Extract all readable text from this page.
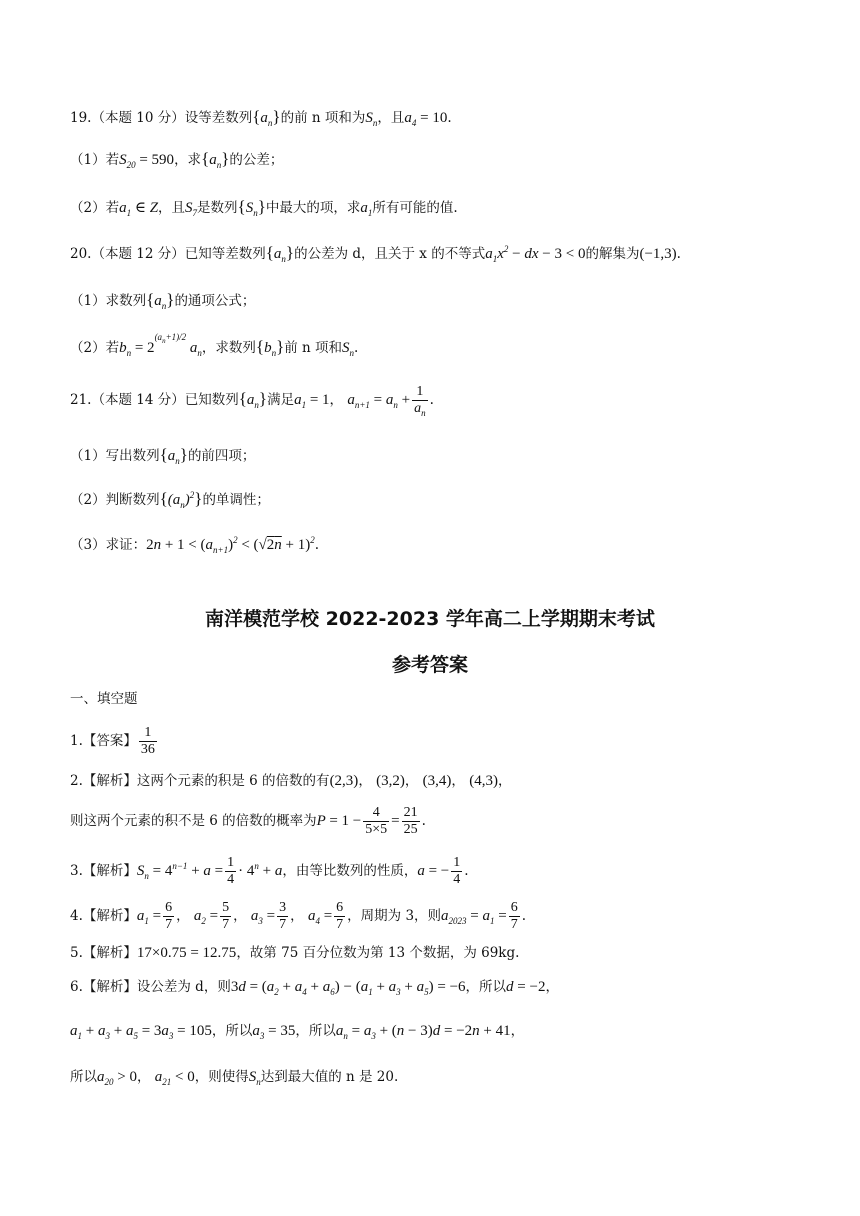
19.（本题 10 分）设等差数列$\{a_n\}$的前 n 项和为$S_n$，且$a_4 = 10$.
（1）若$S_{20} = 590$，求$\{a_n\}$的公差；
（2）若$a_1$ ∈ Z，且$S_7$是数列$\{S_n\}$中最大的项，求$a_1$所有可能的值.
20.（本题 12 分）已知等差数列$\{a_n\}$的公差为 d，且关于 x 的不等式$a_1x^2$ − dx − 3 < 0的解集为(−1,3).
（1）求数列$\{a_n\}$的通项公式；
（2）若$b_n = 2^{(a_n+1)/2}$ $a_n$，求数列$\{b_n\}$前 n 项和$S_n$.
21.（本题 14 分）已知数列$\{a_n\}$满足$a_1 = 1$， $a_{n+1} = a_n + \frac{1}{a_n}$ .
（1）写出数列$\{a_n\}$的前四项；
（2）判断数列$\{(a_n)^2\}$的单调性；
（3）求证：$2n + 1 < (a_{n+1})^2 < (√2n + 1)^2$.
南洋模范学校 2022-2023 学年高二上学期期末考试
参考答案
一、填空题
1.【答案】 $\frac{1}{36}$
2.【解析】这两个元素的积是 6 的倍数的有(2,3)， (3,2)， (3,4)， (4,3)，
则这两个元素的积不是 6 的倍数的概率为$P = 1 - \frac{4}{5\times 5} = \frac{21}{25}$ .
3.【解析】$S_n = 4^{n-1} + a = \frac{1}{4} \cdot 4^n + a$，由等比数列的性质，a = − $\frac{1}{4}$ .
4.【解析】$a_1 = \frac{6}{7}$ ， $a_2 = \frac{5}{7}$ ， $a_3 = \frac{3}{7}$ ， $a_4 = \frac{6}{7}$ ，周期为 3，则$a_{2023} = a_1 = \frac{6}{7}$ .
5.【解析】17×0.75 = 12.75，故第 75 百分位数为第 13 个数据，为 69kg.
6.【解析】设公差为 d，则$3d = (a_2 + a_4 + a_6) - (a_1 + a_3 + a_5) = -6$，所以d = −2，
$a_1 + a_3 + a_5 = 3a_3 = 105$，所以$a_3 = 35$，所以$a_n = a_3 + (n - 3)d = -2n + 41$，
所以$a_{20} > 0$， $a_{21} < 0$，则使得$S_n$达到最大值的 n 是 20.
